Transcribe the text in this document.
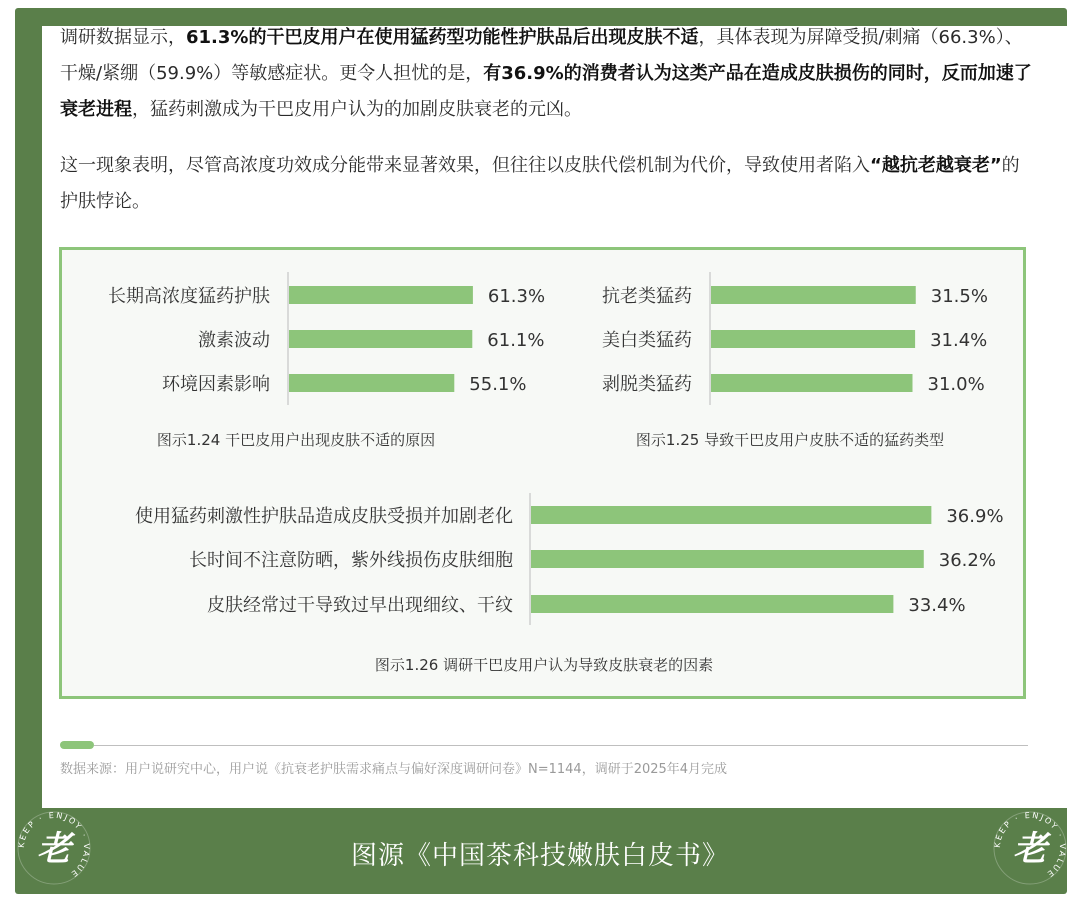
调研数据显示，61.3%的干巴皮用户在使用猛药型功能性护肤品后出现皮肤不适，具体表现为屏障受损/刺痛（66.3%）、干燥/紧绷（59.9%）等敏感症状。更令人担忧的是，有36.9%的消费者认为这类产品在造成皮肤损伤的同时，反而加速了衰老进程，猛药刺激成为干巴皮用户认为的加剧皮肤衰老的元凶。
这一现象表明，尽管高浓度功效成分能带来显著效果，但往往以皮肤代偿机制为代价，导致使用者陷入“越抗老越衰老”的护肤悖论。
长期高浓度猛药护肤	61.3%
激素波动	61.1%
环境因素影响	55.1%
图示1.24 干巴皮用户出现皮肤不适的原因
抗老类猛药	31.5%
美白类猛药	31.4%
剥脱类猛药	31.0%
图示1.25 导致干巴皮用户皮肤不适的猛药类型
使用猛药刺激性护肤品造成皮肤受损并加剧老化	36.9%
长时间不注意防晒，紫外线损伤皮肤细胞	36.2%
皮肤经常过干导致过早出现细纹、干纹	33.4%
图示1.26 调研干巴皮用户认为导致皮肤衰老的因素
数据来源：用户说研究中心，用户说《抗衰老护肤需求痛点与偏好深度调研问卷》N=1144，调研于2025年4月完成
图源《中国茶科技嫩肤白皮书》
KEEP · ENJOY · VALUE
老	KEEP · ENJOY · VALUE
老
